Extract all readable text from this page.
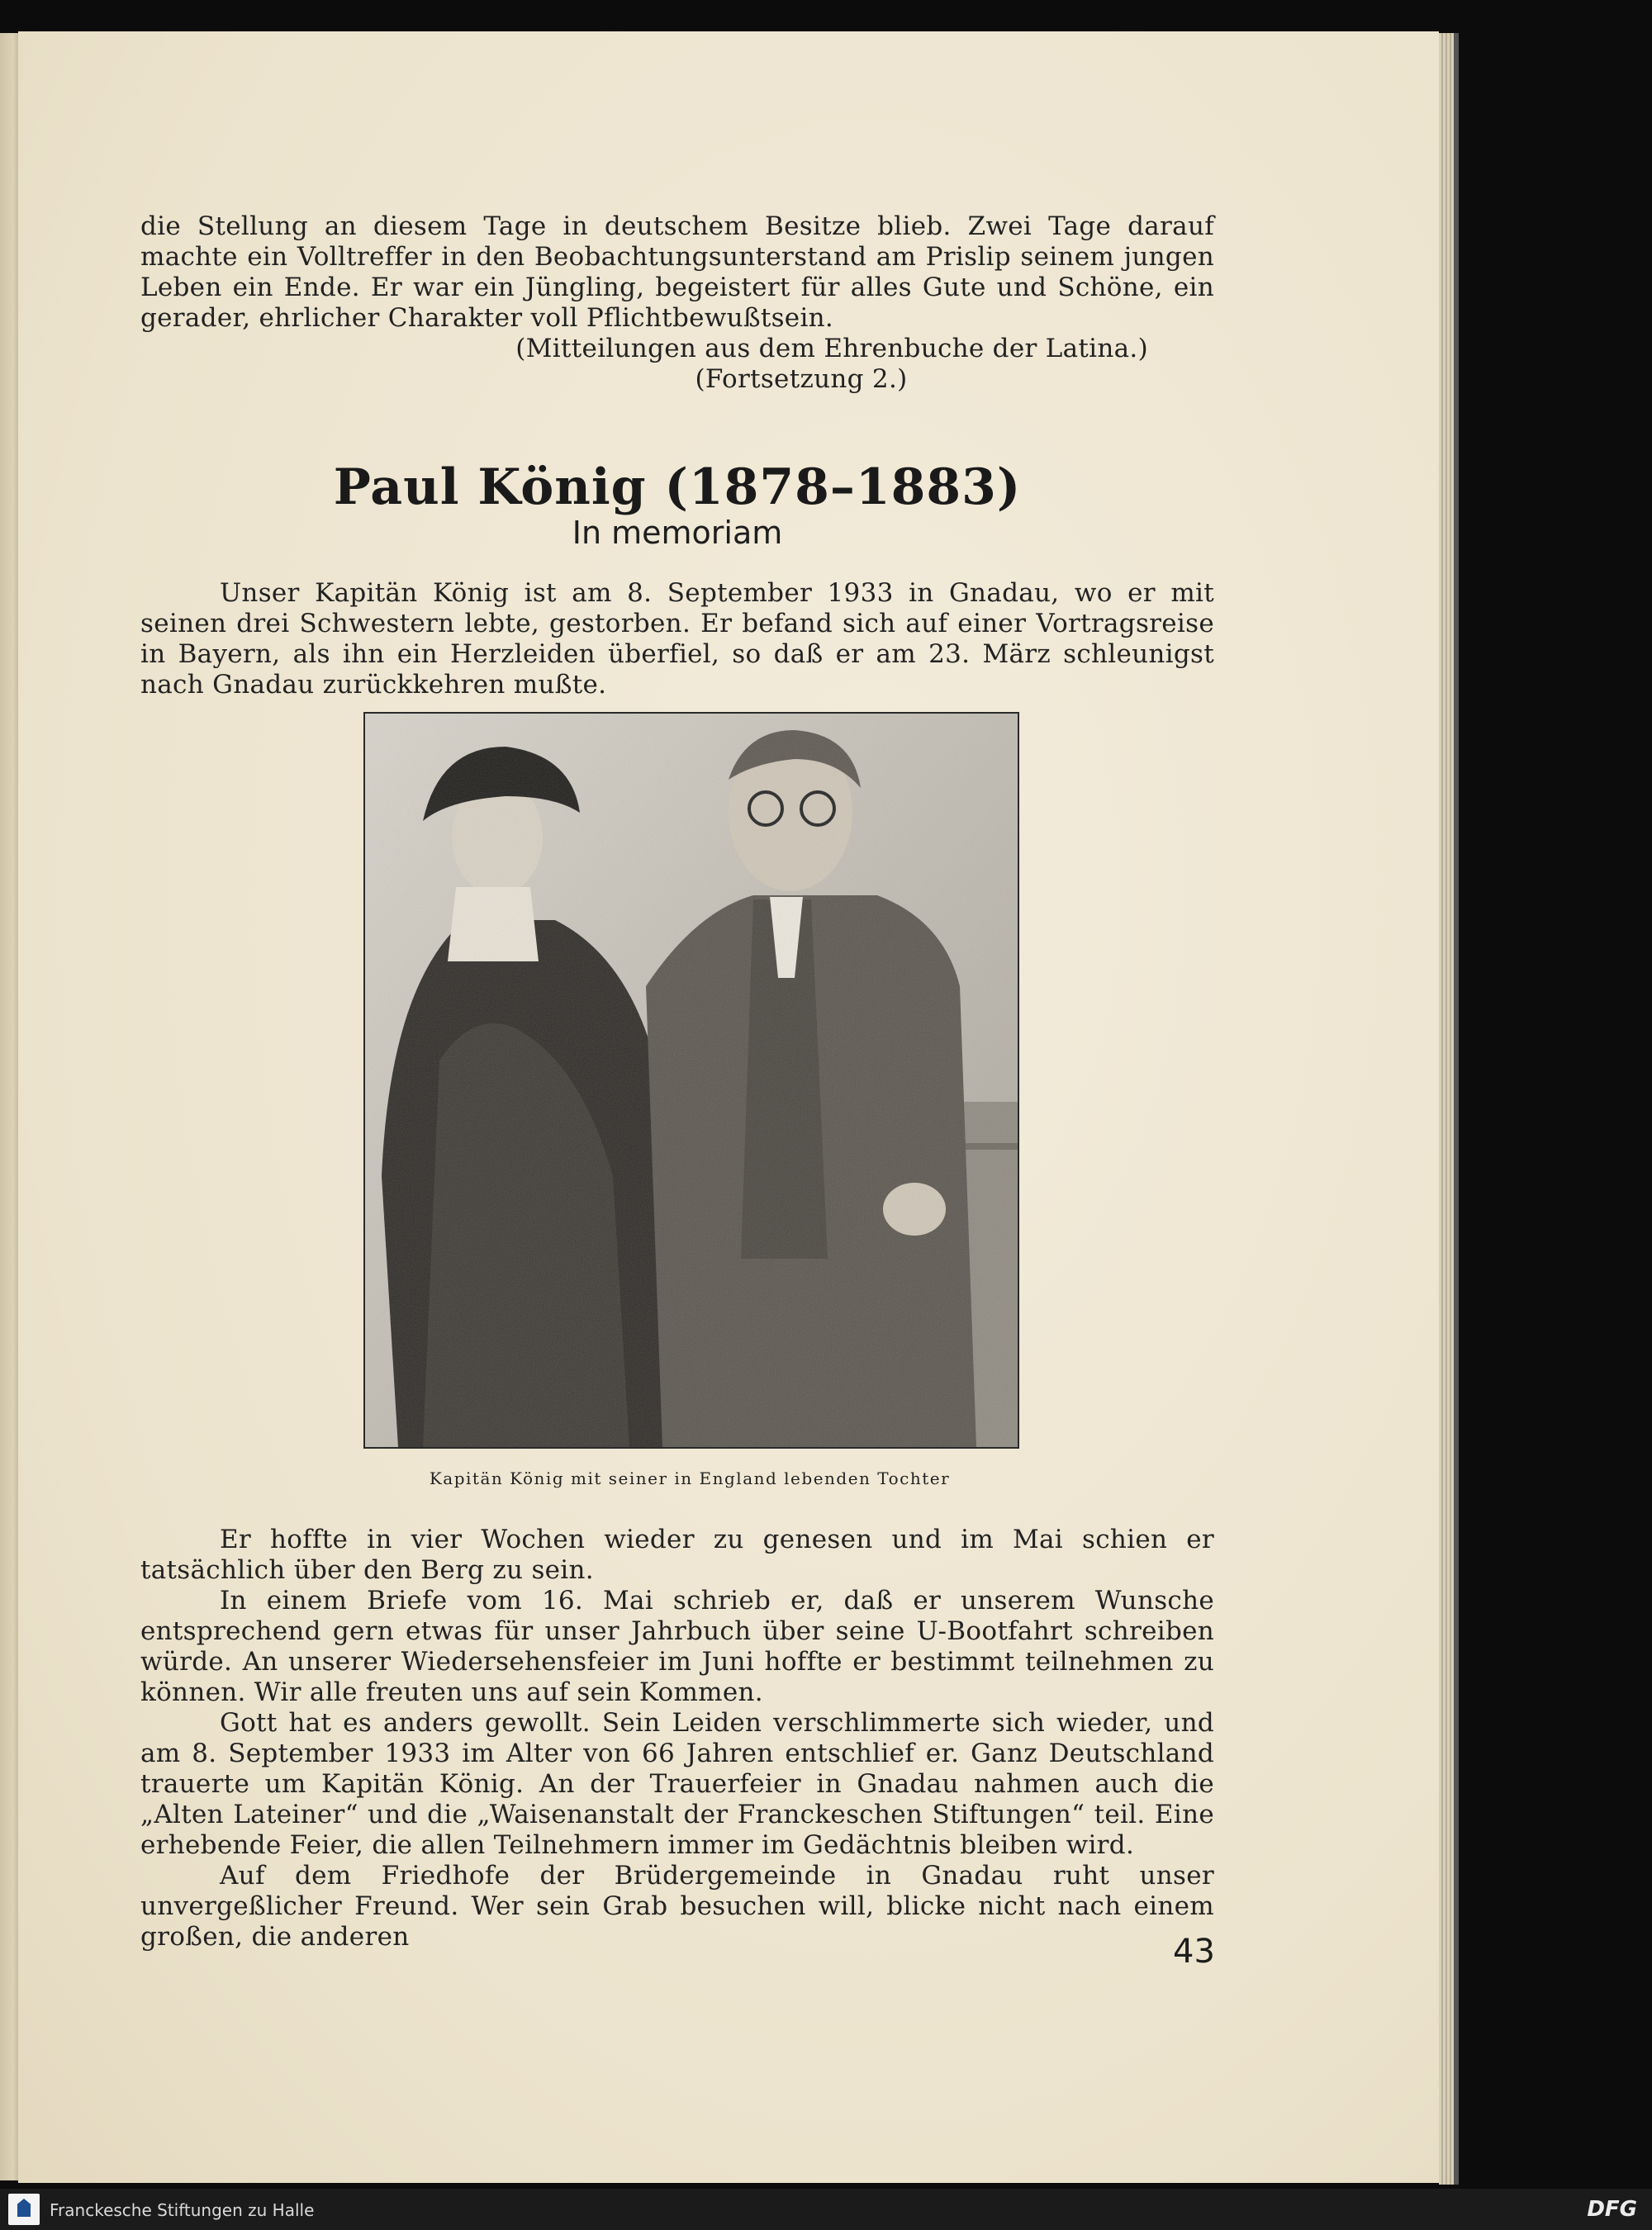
die Stellung an diesem Tage in deutschem Besitze blieb. Zwei Tage darauf machte ein Volltreffer in den Beobachtungsunterstand am Prislip seinem jungen Leben ein Ende. Er war ein Jüngling, begeistert für alles Gute und Schöne, ein gerader, ehrlicher Charakter voll Pflichtbewußtsein.

(Mitteilungen aus dem Ehrenbuche der Latina.)

(Fortsetzung 2.)

Paul König (1878–1883)
In memoriam

Unser Kapitän König ist am 8. September 1933 in Gnadau, wo er mit seinen drei Schwestern lebte, gestorben. Er befand sich auf einer Vortragsreise in Bayern, als ihn ein Herzleiden überfiel, so daß er am 23. März schleunigst nach Gnadau zurückkehren mußte.

Kapitän König mit seiner in England lebenden Tochter

Er hoffte in vier Wochen wieder zu genesen und im Mai schien er tatsächlich über den Berg zu sein.

In einem Briefe vom 16. Mai schrieb er, daß er unserem Wunsche entsprechend gern etwas für unser Jahrbuch über seine U-Bootfahrt schreiben würde. An unserer Wiedersehensfeier im Juni hoffte er bestimmt teilnehmen zu können. Wir alle freuten uns auf sein Kommen.

Gott hat es anders gewollt. Sein Leiden verschlimmerte sich wieder, und am 8. September 1933 im Alter von 66 Jahren entschlief er. Ganz Deutschland trauerte um Kapitän König. An der Trauerfeier in Gnadau nahmen auch die „Alten Lateiner“ und die „Waisenanstalt der Franckeschen Stiftungen“ teil. Eine erhebende Feier, die allen Teilnehmern immer im Gedächtnis bleiben wird.

Auf dem Friedhofe der Brüdergemeinde in Gnadau ruht unser unvergeßlicher Freund. Wer sein Grab besuchen will, blicke nicht nach einem großen, die anderen	43
Franckesche Stiftungen zu Halle	DFG
